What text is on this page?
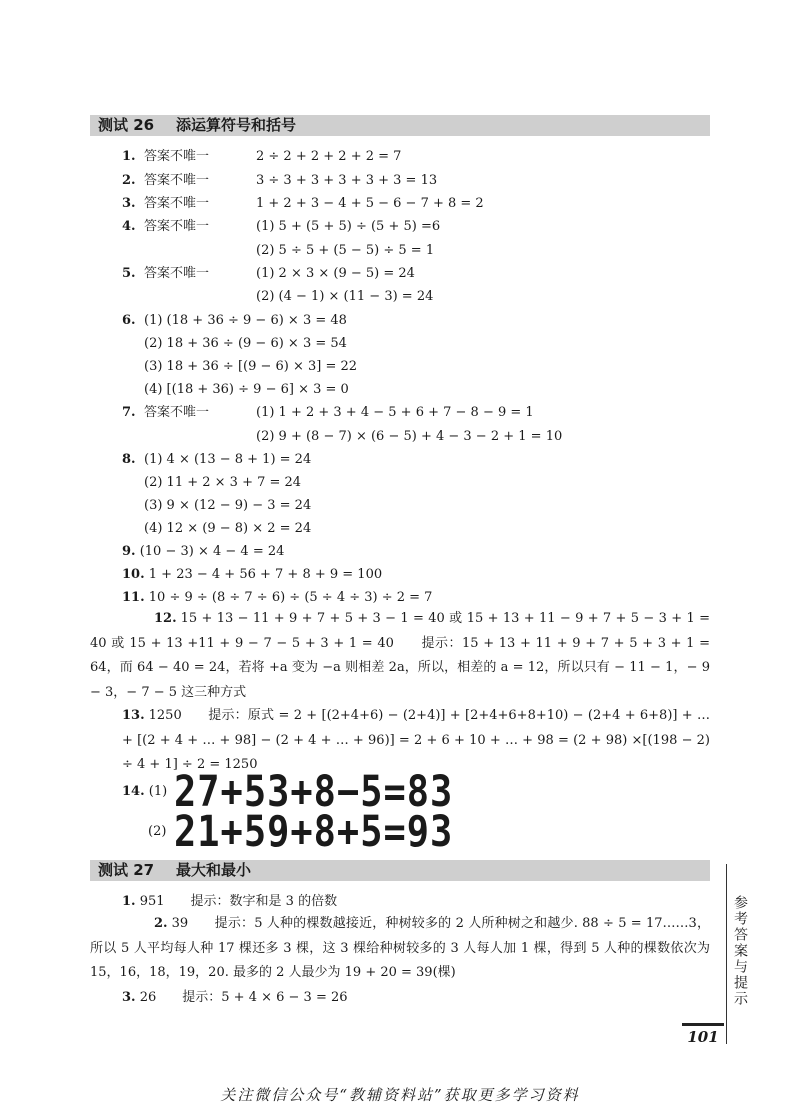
测试 26 添运算符号和括号
1. 答案不唯一	2 ÷ 2 + 2 + 2 + 2 = 7
2. 答案不唯一	3 ÷ 3 + 3 + 3 + 3 + 3 = 13
3. 答案不唯一	1 + 2 + 3 − 4 + 5 − 6 − 7 + 8 = 2
4. 答案不唯一	(1) 5 + (5 + 5) ÷ (5 + 5) =6
(2) 5 ÷ 5 + (5 − 5) ÷ 5 = 1
5. 答案不唯一	(1) 2 × 3 × (9 − 5) = 24
(2) (4 − 1) × (11 − 3) = 24
6. (1) (18 + 36 ÷ 9 − 6) × 3 = 48
(2) 18 + 36 ÷ (9 − 6) × 3 = 54
(3) 18 + 36 ÷ [(9 − 6) × 3] = 22
(4) [(18 + 36) ÷ 9 − 6] × 3 = 0
7. 答案不唯一	(1) 1 + 2 + 3 + 4 − 5 + 6 + 7 − 8 − 9 = 1
(2) 9 + (8 − 7) × (6 − 5) + 4 − 3 − 2 + 1 = 10
8. (1) 4 × (13 − 8 + 1) = 24
(2) 11 + 2 × 3 + 7 = 24
(3) 9 × (12 − 9) − 3 = 24
(4) 12 × (9 − 8) × 2 = 24
9. (10 − 3) × 4 − 4 = 24
10. 1 + 23 − 4 + 56 + 7 + 8 + 9 = 100
11. 10 ÷ 9 ÷ (8 ÷ 7 ÷ 6) ÷ (5 ÷ 4 ÷ 3) ÷ 2 = 7
12. 15 + 13 − 11 + 9 + 7 + 5 + 3 − 1 = 40 或 15 + 13 + 11 − 9 + 7 + 5 − 3 + 1 = 40 或 15 + 13 +11 + 9 − 7 − 5 + 3 + 1 = 40　　提示：15 + 13 + 11 + 9 + 7 + 5 + 3 + 1 = 64，而 64 − 40 = 24，若将 +a 变为 −a 则相差 2a，所以，相差的 a = 12，所以只有 − 11 − 1，− 9 − 3，− 7 − 5 这三种方式
13. 1250　　提示：原式 = 2 + [(2+4+6) − (2+4)] + [2+4+6+8+10) − (2+4 + 6+8)] + … + [(2 + 4 + … + 98] − (2 + 4 + … + 96)] = 2 + 6 + 10 + … + 98 = (2 + 98) ×[(198 − 2) ÷ 4 + 1] ÷ 2 = 1250
14. (1) 27+53+8−5=83
(2) 21+59+8+5=93
测试 27 最大和最小
1. 951　　提示：数字和是 3 的倍数
2. 39　　提示：5 人种的棵数越接近，种树较多的 2 人所种树之和越少. 88 ÷ 5 = 17……3，所以 5 人平均每人种 17 棵还多 3 棵，这 3 棵给种树较多的 3 人每人加 1 棵，得到 5 人种的棵数依次为 15，16，18，19，20. 最多的 2 人最少为 19 + 20 = 39(棵)
3. 26　　提示：5 + 4 × 6 − 3 = 26	参考答案与提示
101
关注微信公众号“教辅资料站”获取更多学习资料
